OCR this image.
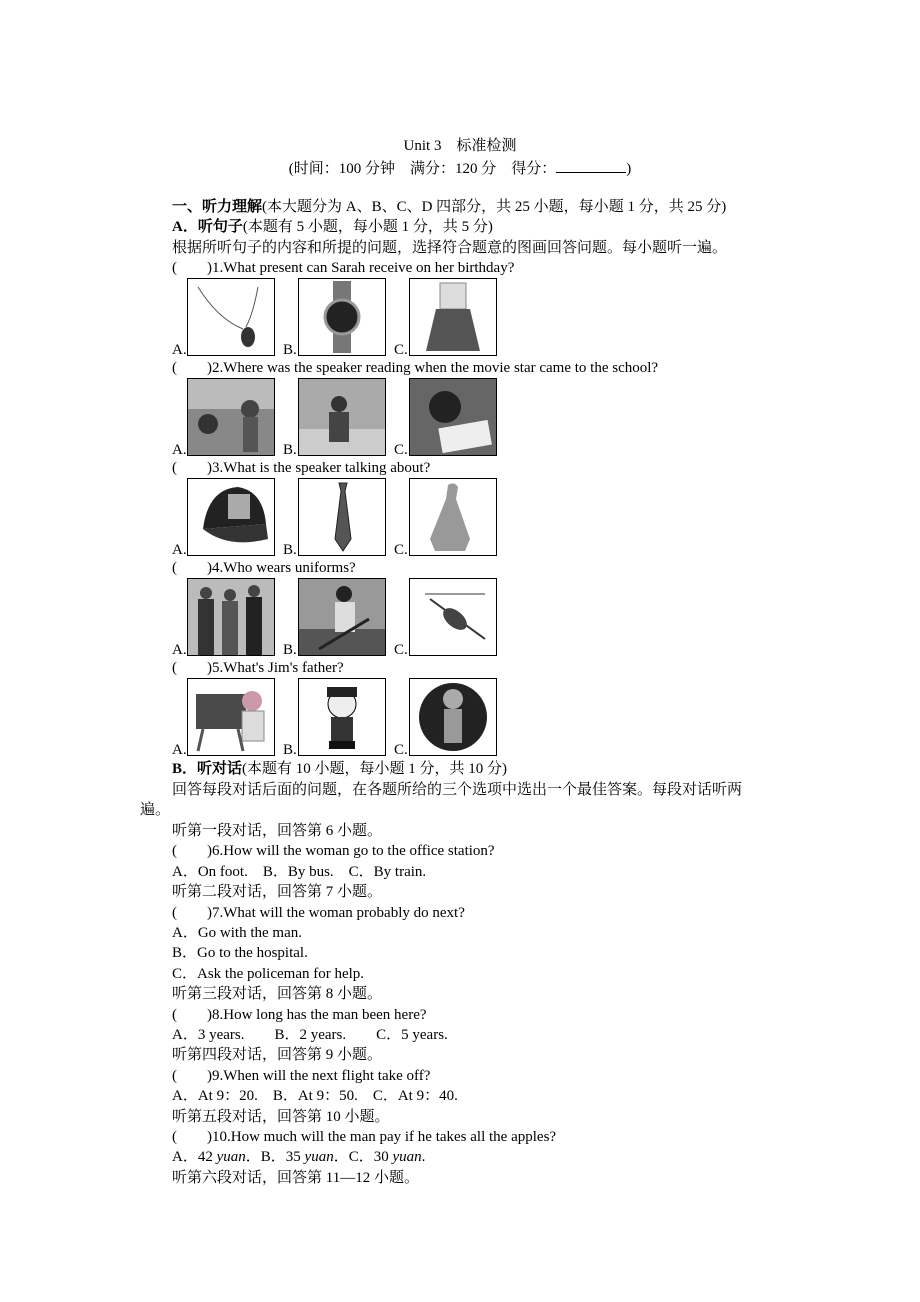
Unit 3　标准检测
(时间：100 分钟　满分：120 分　得分：	)
一、听力理解(本大题分为 A、B、C、D 四部分，共 25 小题，每小题 1 分，共 25 分)
A．听句子(本题有 5 小题，每小题 1 分，共 5 分)
根据所听句子的内容和所提的问题，选择符合题意的图画回答问题。每小题听一遍。
(　　)1.What present can Sarah receive on her birthday?
A.	B.	C.
(　　)2.Where was the speaker reading when the movie star came to the school?
A.	B.	C.
(　　)3.What is the speaker talking about?
A.	B.	C.
(　　)4.Who wears uniforms?
A.	B.	C.
(　　)5.What's Jim's father?
A.	B.	C.
B．听对话(本题有 10 小题，每小题 1 分，共 10 分)
回答每段对话后面的问题，在各题所给的三个选项中选出一个最佳答案。每段对话听两
遍。
听第一段对话，回答第 6 小题。
(　　)6.How will the woman go to the office station?
A．On foot.　B．By bus.　C．By train.
听第二段对话，回答第 7 小题。
(　　)7.What will the woman probably do next?
A．Go with the man.
B．Go to the hospital.
C．Ask the policeman for help.
听第三段对话，回答第 8 小题。
(　　)8.How long has the man been here?
A．3 years.　　B．2 years.　　C．5 years.
听第四段对话，回答第 9 小题。
(　　)9.When will the next flight take off?
A．At 9：20.　B．At 9：50.　C．At 9：40.
听第五段对话，回答第 10 小题。
(　　)10.How much will the man pay if he takes all the apples?
A．42 yuan．B．35 yuan．C．30 yuan.
听第六段对话，回答第 11—12 小题。
